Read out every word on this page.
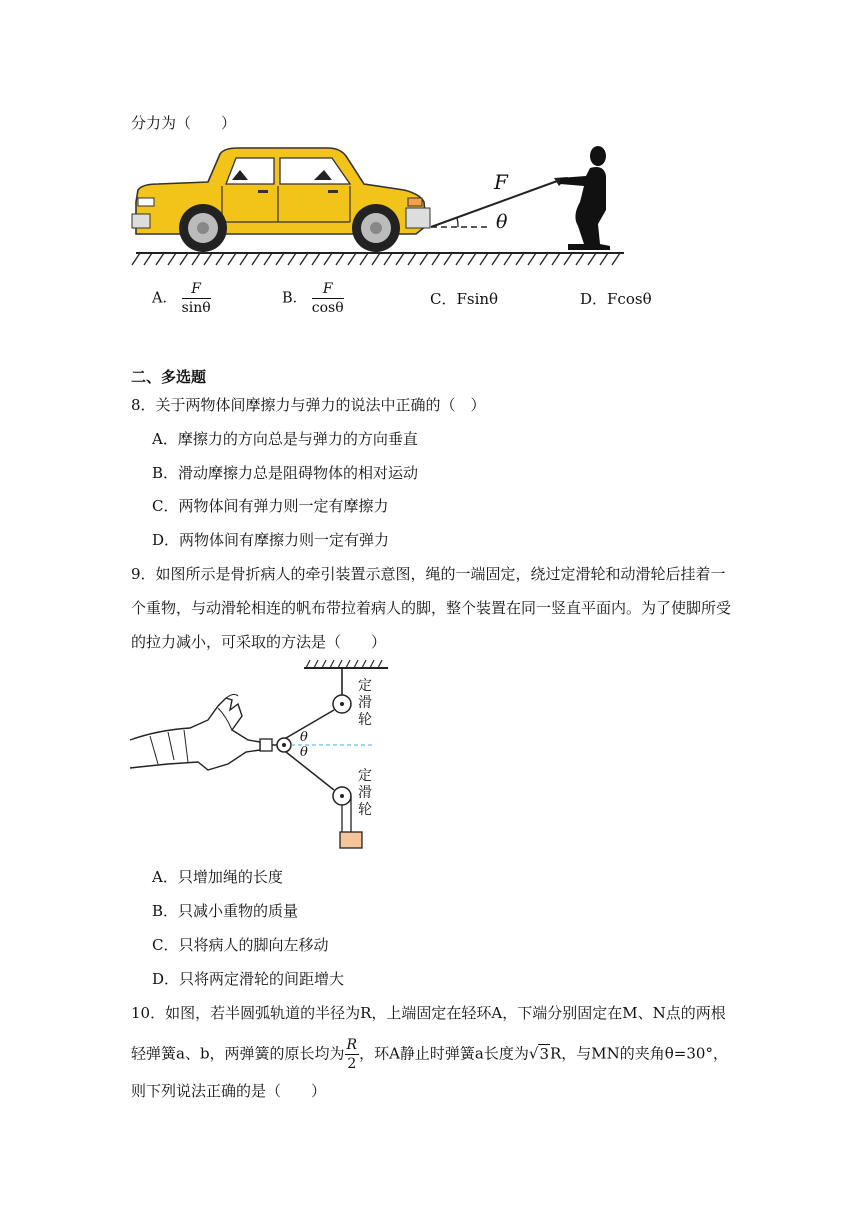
分力为（　　）
F
θ
A． $\frac{F}{\sin\theta}$	B． $\frac{F}{\cos\theta}$	C．Fsinθ	D．Fcosθ
二、多选题
8．关于两物体间摩擦力与弹力的说法中正确的（　）
A．摩擦力的方向总是与弹力的方向垂直
B．滑动摩擦力总是阻碍物体的相对运动
C．两物体间有弹力则一定有摩擦力
D．两物体间有摩擦力则一定有弹力
9．如图所示是骨折病人的牵引装置示意图，绳的一端固定，绕过定滑轮和动滑轮后挂着一
个重物，与动滑轮相连的帆布带拉着病人的脚，整个装置在同一竖直平面内。为了使脚所受
的拉力减小，可采取的方法是（　　）
定
滑
轮
定
滑
轮
θ
θ
A．只增加绳的长度
B．只减小重物的质量
C．只将病人的脚向左移动
D．只将两定滑轮的间距增大
10．如图，若半圆弧轨道的半径为R，上端固定在轻环A，下端分别固定在M、N点的两根
轻弹簧a、b，两弹簧的原长均为 $\frac{R}{2}$ ，环A静止时弹簧a长度为√3R，与MN的夹角θ=30°，
则下列说法正确的是（　　）
